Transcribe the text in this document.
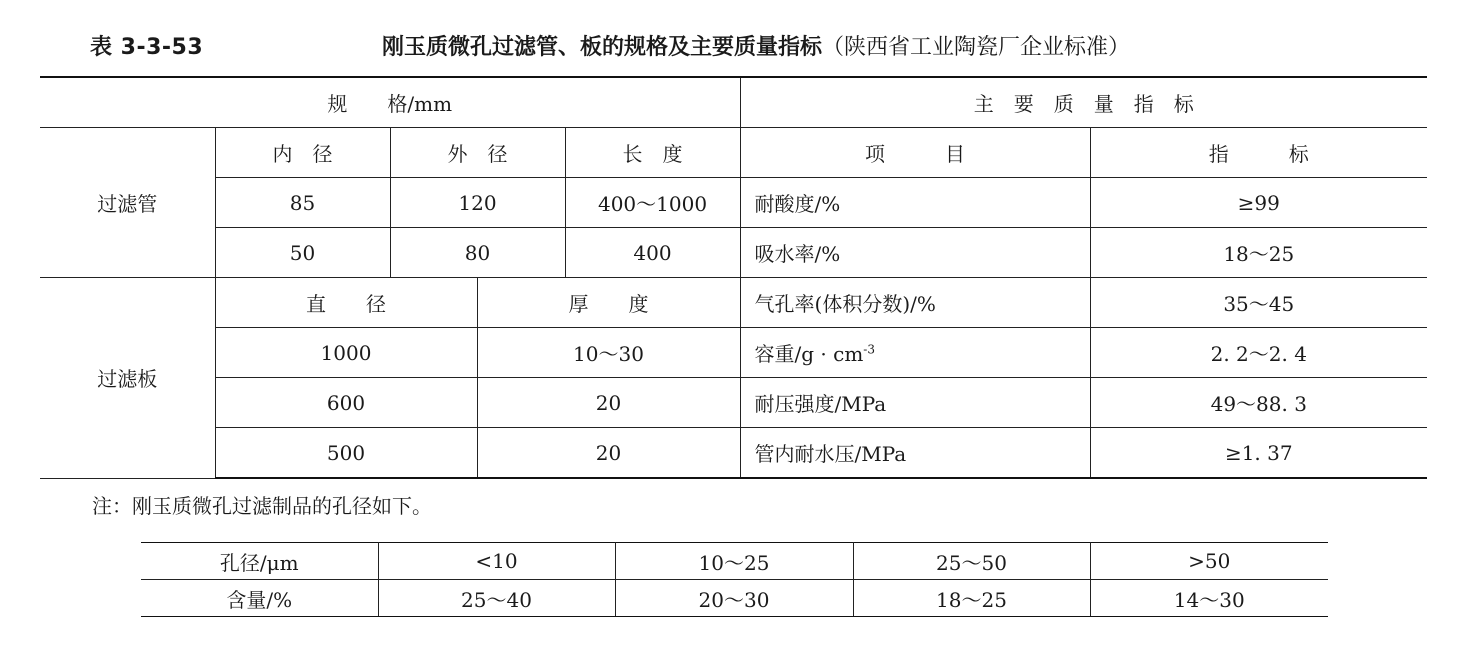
表 3-3-53	刚玉质微孔过滤管、板的规格及主要质量指标（陕西省工业陶瓷厂企业标准）
规　　格/mm					主　要　质　量　指　标	
过滤管	内　径	外　径		长　度	项　　　目	指　　　标
	85	120		400～1000	耐酸度/%	≥99
	50	80		400	吸水率/%	18～25
过滤板	直　　径		厚　　度		气孔率(体积分数)/%	35～45
	1000		10～30		容重$/g \cdot cm^{-3}$	2. 2～2. 4
	600		20		耐压强度/MPa	49～88. 3
	500		20		管内耐水压/MPa	≥1. 37
注：刚玉质微孔过滤制品的孔径如下。
孔径/μm	<10	10～25	25～50	>50
含量/%	25～40	20～30	18～25	14～30
